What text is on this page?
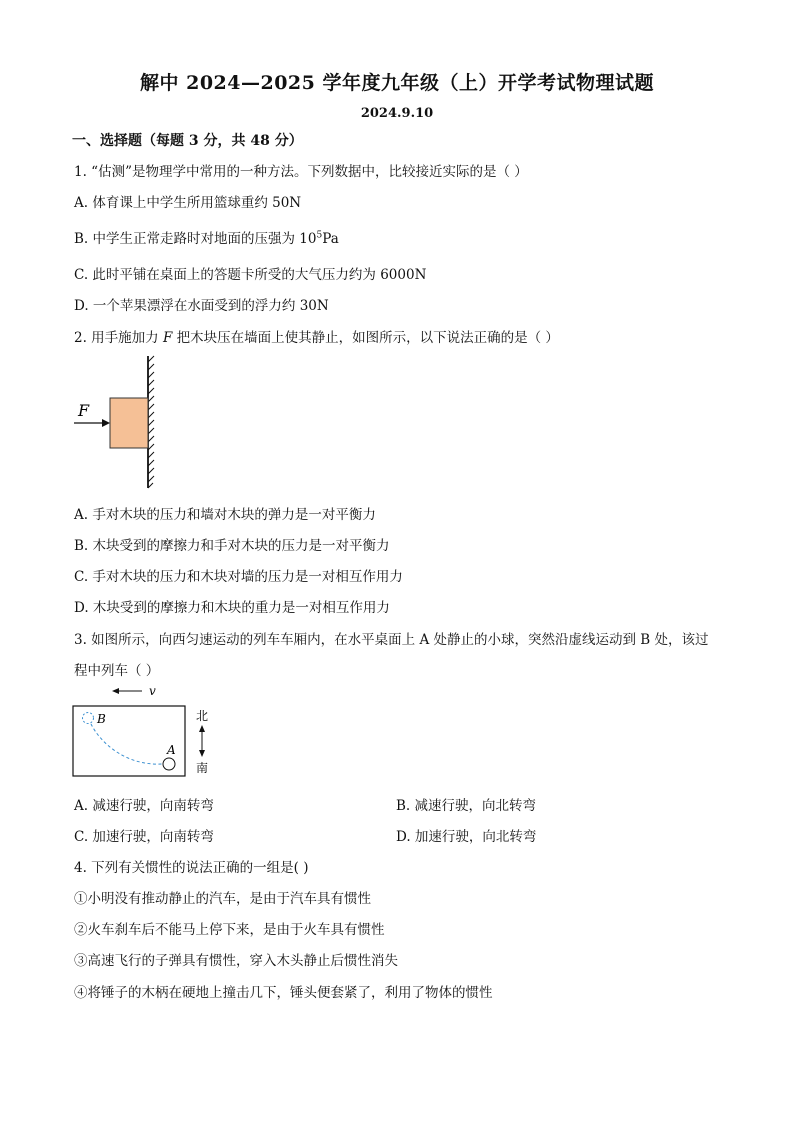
解中 2024—2025 学年度九年级（上）开学考试物理试题
2024.9.10
一、选择题（每题 3 分，共 48 分）
1. “估测”是物理学中常用的一种方法。下列数据中，比较接近实际的是（ ）
A. 体育课上中学生所用篮球重约 50N
B. 中学生正常走路时对地面的压强为 $10^5Pa$
C. 此时平铺在桌面上的答题卡所受的大气压力约为 6000N
D. 一个苹果漂浮在水面受到的浮力约 30N
2. 用手施加力 F 把木块压在墙面上使其静止，如图所示，以下说法正确的是（ ）
F
A. 手对木块的压力和墙对木块的弹力是一对平衡力
B. 木块受到的摩擦力和手对木块的压力是一对平衡力
C. 手对木块的压力和木块对墙的压力是一对相互作用力
D. 木块受到的摩擦力和木块的重力是一对相互作用力
3. 如图所示，向西匀速运动的列车车厢内，在水平桌面上 A 处静止的小球，突然沿虚线运动到 B 处，该过
程中列车（ ）
v
B
A
北
南
A. 减速行驶，向南转弯	B. 减速行驶，向北转弯
C. 加速行驶，向南转弯	D. 加速行驶，向北转弯
4. 下列有关惯性的说法正确的一组是( )
①小明没有推动静止的汽车，是由于汽车具有惯性
②火车刹车后不能马上停下来，是由于火车具有惯性
③高速飞行的子弹具有惯性，穿入木头静止后惯性消失
④将锤子的木柄在硬地上撞击几下，锤头便套紧了，利用了物体的惯性
